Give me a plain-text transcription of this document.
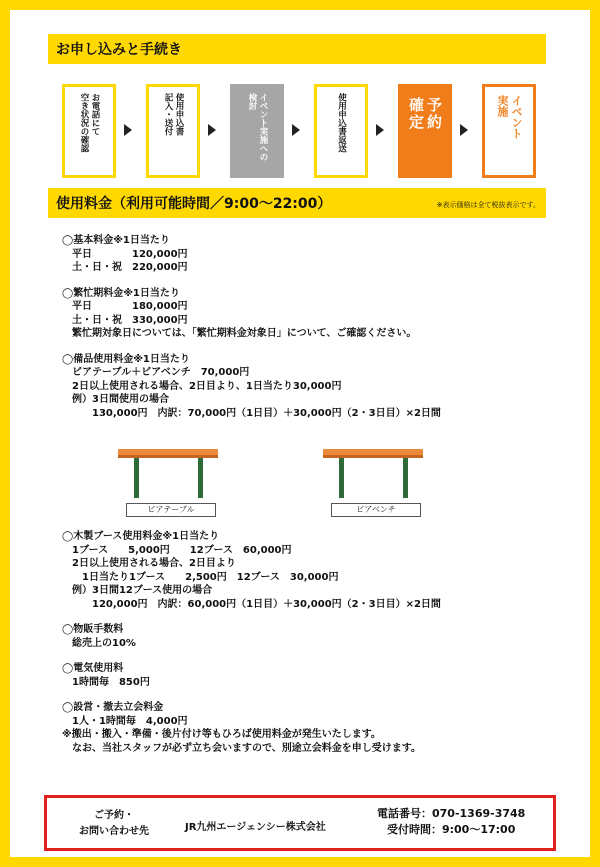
お申し込みと手続き
お電話にて
空き状況の確認	使用申込書
記入・送付	イベント実施への
検討	使用申込書返送	予約
確定	イベント
実施
使用料金（利用可能時間／9:00〜22:00）	※表示価格は全て税抜表示です。
◯基本料金※1日当たり
　平日　　　　120,000円
　土・日・祝　220,000円
◯繁忙期料金※1日当たり
　平日　　　　180,000円
　土・日・祝　330,000円
　繁忙期対象日については、「繁忙期料金対象日」について、ご確認ください。
◯備品使用料金※1日当たり
　ビアテーブル＋ビアベンチ　70,000円
　2日以上使用される場合、2日目より、1日当たり30,000円
　例）3日間使用の場合
　　　130,000円　内訳：70,000円（1日目）＋30,000円（2・3日目）×2日間
ビアテーブル	ビアベンチ
◯木製ブース使用料金※1日当たり
　1ブース　　5,000円　　12ブース　60,000円
　2日以上使用される場合、2日目より
　　1日当たり1ブース　　2,500円　12ブース　30,000円
　例）3日間12ブース使用の場合
　　　120,000円　内訳：60,000円（1日目）＋30,000円（2・3日目）×2日間
◯物販手数料
　総売上の10%
◯電気使用料
　1時間毎　850円
◯設営・撤去立会料金
　1人・1時間毎　4,000円
※搬出・搬入・準備・後片付け等もひろば使用料金が発生いたします。
　なお、当社スタッフが必ず立ち会いますので、別途立会料金を申し受けます。
ご予約・
お問い合わせ先	JR九州エージェンシー株式会社
電話番号：070-1369-3748
受付時間：9:00〜17:00
